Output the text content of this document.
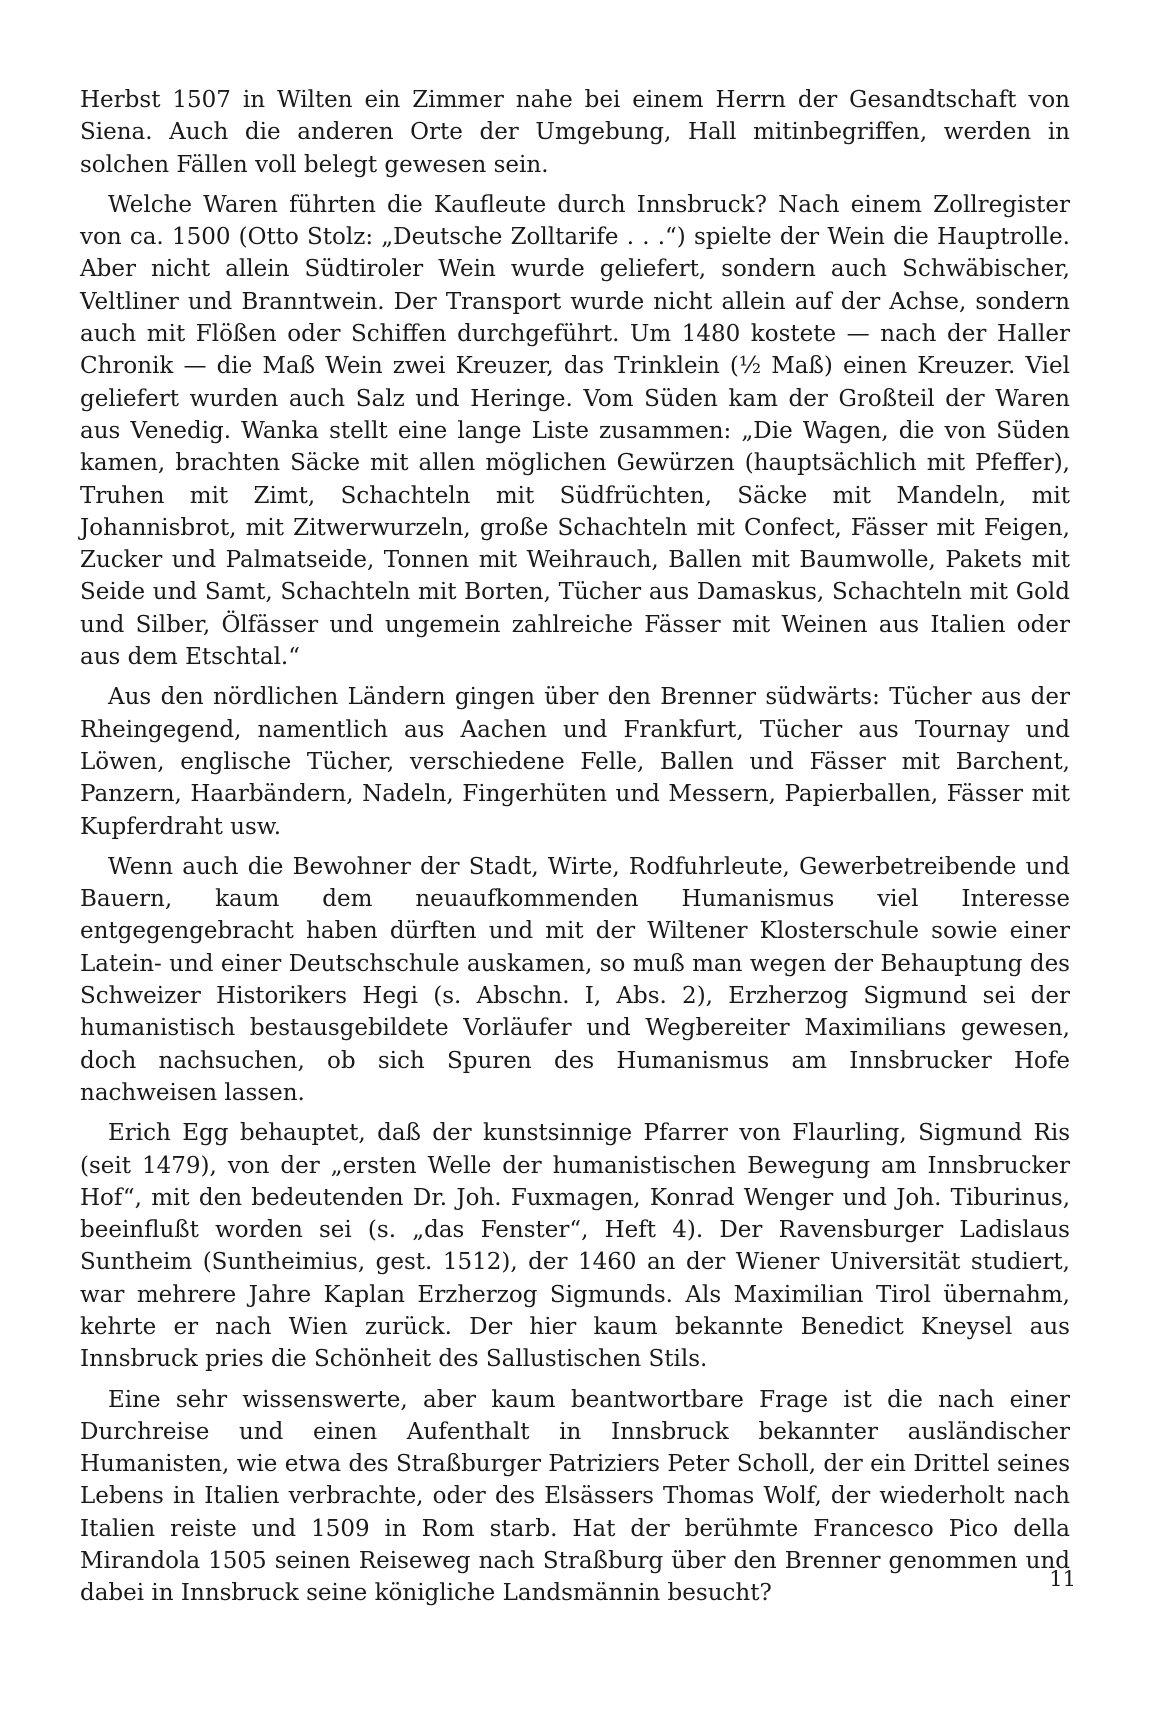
Herbst 1507 in Wilten ein Zimmer nahe bei einem Herrn der Gesandtschaft von Siena. Auch die anderen Orte der Umgebung, Hall mitinbegriffen, werden in solchen Fällen voll belegt gewesen sein.

Welche Waren führten die Kaufleute durch Innsbruck? Nach einem Zollregister von ca. 1500 (Otto Stolz: „Deutsche Zolltarife . . .“) spielte der Wein die Hauptrolle. Aber nicht allein Südtiroler Wein wurde geliefert, sondern auch Schwäbischer, Veltliner und Branntwein. Der Transport wurde nicht allein auf der Achse, sondern auch mit Flößen oder Schiffen durchgeführt. Um 1480 kostete — nach der Haller Chronik — die Maß Wein zwei Kreuzer, das Trinklein (½ Maß) einen Kreuzer. Viel geliefert wurden auch Salz und Heringe. Vom Süden kam der Großteil der Waren aus Venedig. Wanka stellt eine lange Liste zusammen: „Die Wagen, die von Süden kamen, brachten Säcke mit allen möglichen Gewürzen (hauptsächlich mit Pfeffer), Truhen mit Zimt, Schachteln mit Südfrüchten, Säcke mit Mandeln, mit Johannisbrot, mit Zitwerwurzeln, große Schachteln mit Confect, Fässer mit Feigen, Zucker und Palmatseide, Tonnen mit Weihrauch, Ballen mit Baumwolle, Pakets mit Seide und Samt, Schachteln mit Borten, Tücher aus Damaskus, Schachteln mit Gold und Silber, Ölfässer und ungemein zahlreiche Fässer mit Weinen aus Italien oder aus dem Etschtal.“

Aus den nördlichen Ländern gingen über den Brenner südwärts: Tücher aus der Rheingegend, namentlich aus Aachen und Frankfurt, Tücher aus Tournay und Löwen, englische Tücher, verschiedene Felle, Ballen und Fässer mit Barchent, Panzern, Haarbändern, Nadeln, Fingerhüten und Messern, Papierballen, Fässer mit Kupferdraht usw.

Wenn auch die Bewohner der Stadt, Wirte, Rodfuhrleute, Gewerbetreibende und Bauern, kaum dem neuaufkommenden Humanismus viel Interesse entgegengebracht haben dürften und mit der Wiltener Klosterschule sowie einer Latein- und einer Deutschschule auskamen, so muß man wegen der Behauptung des Schweizer Historikers Hegi (s. Abschn. I, Abs. 2), Erzherzog Sigmund sei der humanistisch bestausgebildete Vorläufer und Wegbereiter Maximilians gewesen, doch nachsuchen, ob sich Spuren des Humanismus am Innsbrucker Hofe nachweisen lassen.

Erich Egg behauptet, daß der kunstsinnige Pfarrer von Flaurling, Sigmund Ris (seit 1479), von der „ersten Welle der humanistischen Bewegung am Innsbrucker Hof“, mit den bedeutenden Dr. Joh. Fuxmagen, Konrad Wenger und Joh. Tiburinus, beeinflußt worden sei (s. „das Fenster“, Heft 4). Der Ravensburger Ladislaus Suntheim (Suntheimius, gest. 1512), der 1460 an der Wiener Universität studiert, war mehrere Jahre Kaplan Erzherzog Sigmunds. Als Maximilian Tirol übernahm, kehrte er nach Wien zurück. Der hier kaum bekannte Benedict Kneysel aus Innsbruck pries die Schönheit des Sallustischen Stils.

Eine sehr wissenswerte, aber kaum beantwortbare Frage ist die nach einer Durchreise und einen Aufenthalt in Innsbruck bekannter ausländischer Humanisten, wie etwa des Straßburger Patriziers Peter Scholl, der ein Drittel seines Lebens in Italien verbrachte, oder des Elsässers Thomas Wolf, der wiederholt nach Italien reiste und 1509 in Rom starb. Hat der berühmte Francesco Pico della Mirandola 1505 seinen Reiseweg nach Straßburg über den Brenner genommen und dabei in Innsbruck seine königliche Landsmännin besucht?

11
